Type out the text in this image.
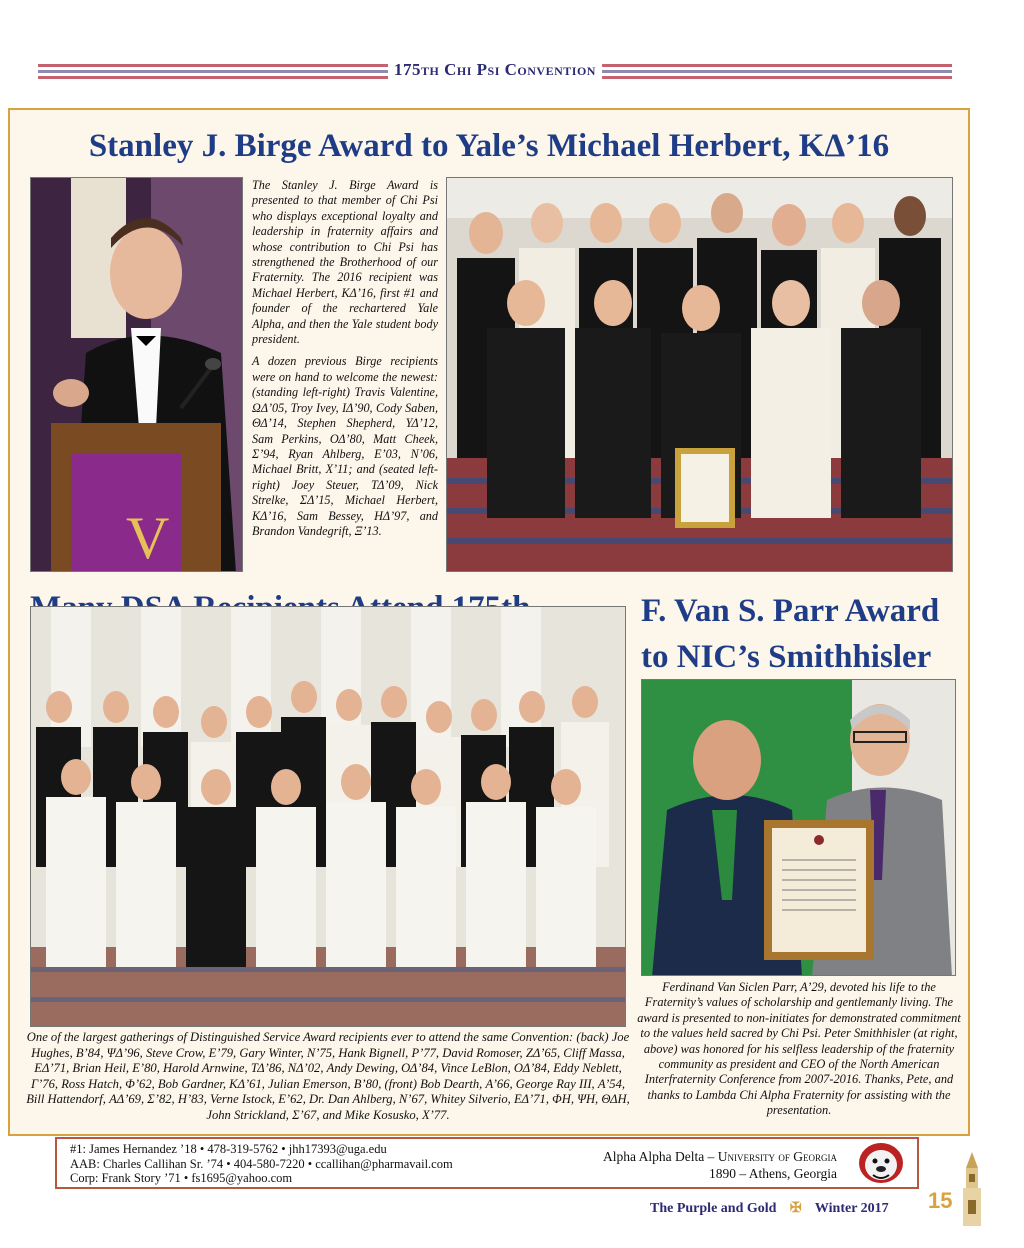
175th Chi Psi Convention
Stanley J. Birge Award to Yale’s Michael Herbert, ΚΔ’16
V

The Stanley J. Birge Award is presented to that member of Chi Psi who displays exceptional loyalty and leadership in fraternity affairs and whose contribution to Chi Psi has strengthened the Brotherhood of our Fraternity. The 2016 recipient was Michael Herbert, ΚΔ’16, first #1 and founder of the rechartered Yale Alpha, and then the Yale student body president.

A dozen previous Birge recipients were on hand to welcome the newest: (standing left-right) Travis Valentine, ΩΔ’05, Troy Ivey, ΙΔ’90, Cody Saben, ΘΔ’14, Stephen Shepherd, ΥΔ’12, Sam Perkins, ΟΔ’80, Matt Cheek, Σ’94, Ryan Ahlberg, Ε’03, Ν’06, Michael Britt, Χ’11; and (seated left-right) Joey Steuer, ΤΔ’09, Nick Strelke, ΣΔ’15, Michael Herbert, ΚΔ’16, Sam Bessey, ΗΔ’97, and Brandon Vandegrift, Ξ’13.

One of the largest gatherings of Distinguished Service Award recipients ever to attend the same Convention: (back) Joe Hughes, Β’84, ΨΔ’96, Steve Crow, Ε’79, Gary Winter, Ν’75, Hank Bignell, Ρ’77, David Romoser, ΖΔ’65, Cliff Massa, ΕΔ’71, Brian Heil, Ε’80, Harold Arnwine, ΤΔ’86, ΝΔ’02, Andy Dewing, ΟΔ’84, Vince LeBlon, ΟΔ’84, Eddy Neblett, Γ’76, Ross Hatch, Φ’62, Bob Gardner, ΚΔ’61, Julian Emerson, Β’80, (front) Bob Dearth, Α’66, George Ray III, Α’54, Bill Hattendorf, ΑΔ’69, Σ’82, Η’83, Verne Istock, Ε’62, Dr. Dan Ahlberg, Ν’67, Whitey Silverio, ΕΔ’71, ΦH, ΨH, ΘΔH, John Strickland, Σ’67, and Mike Kosusko, Χ’77.

F. Van S. Parr Award
to NIC’s Smithhisler

Ferdinand Van Siclen Parr, A’29, devoted his life to the Fraternity’s values of scholarship and gentlemanly living. The award is presented to non-initiates for demonstrated commitment to the values held sacred by Chi Psi. Peter Smithhisler (at right, above) was honored for his selfless leadership of the fraternity community as president and CEO of the North American Interfraternity Conference from 2007-2016. Thanks, Pete, and thanks to Lambda Chi Alpha Fraternity for assisting with the presentation.

#1: James Hernandez ’18 • 478-319-5762 • jhh17393@uga.edu
AAB: Charles Callihan Sr. ’74 • 404-580-7220 • ccallihan@pharmavail.com
Corp: Frank Story ’71 • fs1695@yahoo.com
Alpha Alpha Delta – University of Georgia
1890 – Athens, Georgia
The Purple and Gold ✠ Winter 2017	15
